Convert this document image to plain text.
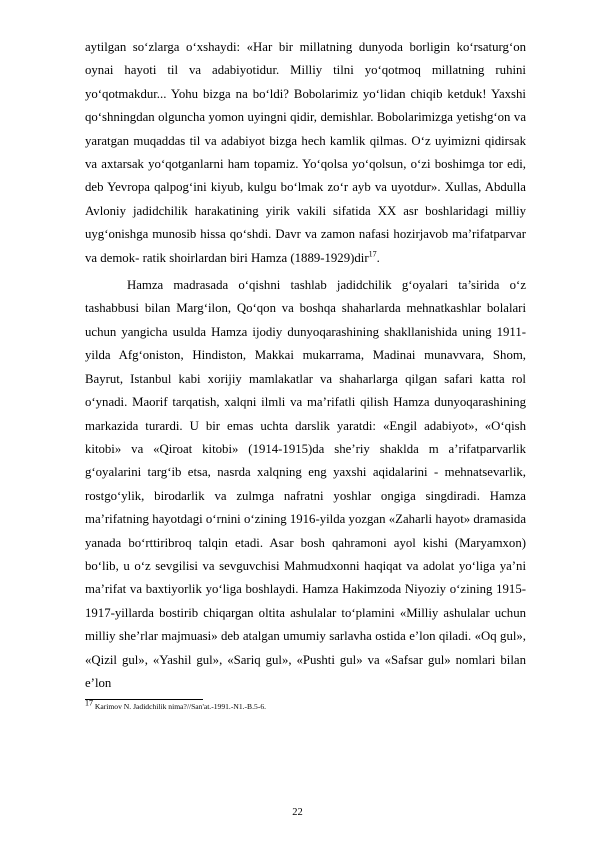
aytilgan so‘zlarga o‘xshaydi: «Har bir millatning dunyoda borligin ko‘rsaturg‘on oynai hayoti til va adabiyotidur. Milliy tilni yo‘qotmoq millatning ruhini yo‘qotmakdur... Yohu bizga na bo‘ldi? Bobolarimiz yo‘lidan chiqib ketduk! Yaxshi qo‘shningdan olguncha yomon uyingni qidir, demishlar. Bobolarimizga yetishg‘on va yaratgan muqaddas til va adabiyot bizga hech kamlik qilmas. O‘z uyimizni qidirsak va axtarsak yo‘qotganlarni ham topamiz. Yo‘qolsa yo‘qolsun, o‘zi boshimga tor edi, deb Yevropa qalpog‘ini kiyub, kulgu bo‘lmak zo‘r ayb va uyotdur». Xullas, Abdulla Avloniy jadidchilik harakatining yirik vakili sifatida XX asr boshlaridagi milliy uyg‘onishga munosib hissa qo‘shdi. Davr va zamon nafasi hozirjavob ma’rifatparvar va demok- ratik shoirlardan biri Hamza (1889-1929)dir$^{17}$.

Hamza madrasada o‘qishni tashlab jadidchilik g‘oyalari ta’sirida o‘z tashabbusi bilan Marg‘ilon, Qo‘qon va boshqa shaharlarda mehnatkashlar bolalari uchun yangicha usulda Hamza ijodiy dunyoqarashining shakllanishida uning 1911-yilda Afg‘oniston, Hindiston, Makkai mukarrama, Madinai munavvara, Shom, Bayrut, Istanbul kabi xorijiy mamlakatlar va shaharlarga qilgan safari katta rol o‘ynadi. Maorif tarqatish, xalqni ilmli va ma’rifatli qilish Hamza dunyoqarashining markazida turardi. U bir emas uchta darslik yaratdi: «Engil adabiyot», «O‘qish kitobi» va «Qiroat kitobi» (1914-1915)da she’riy shaklda m a’rifatparvarlik g‘oyalarini targ‘ib etsa, nasrda xalqning eng yaxshi aqidalarini - mehnatsevarlik, rostgo‘ylik, birodarlik va zulmga nafratni yoshlar ongiga singdiradi. Hamza ma’rifatning hayotdagi o‘rnini o‘zining 1916-yilda yozgan «Zaharli hayot» dramasida yanada bo‘rttiribroq talqin etadi. Asar bosh qahramoni ayol kishi (Maryamxon) bo‘lib, u o‘z sevgilisi va sevguvchisi Mahmudxonni haqiqat va adolat yo‘liga ya’ni ma’rifat va baxtiyorlik yo‘liga boshlaydi. Hamza Hakimzoda Niyoziy o‘zining 1915-1917-yillarda bostirib chiqargan oltita ashulalar to‘plamini «Milliy ashulalar uchun milliy she’rlar majmuasi» deb atalgan umumiy sarlavha ostida e’lon qiladi. «Oq gul», «Qizil gul», «Yashil gul», «Sariq gul», «Pushti gul» va «Safsar gul» nomlari bilan e’lon

$^{17}$ Karimov N. Jadidchilik nima?//San'at.-1991.-N1.-B.5-6.

22
